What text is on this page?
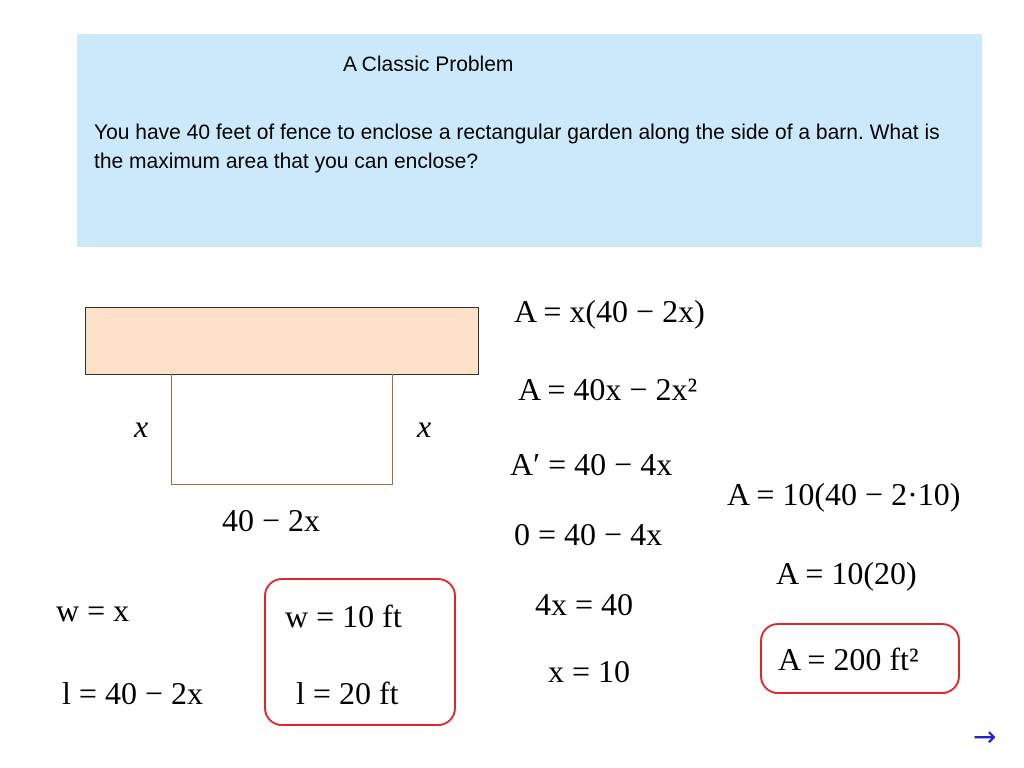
A Classic Problem
You have 40 feet of fence to enclose a rectangular garden along the side of a barn. What is the maximum area that you can enclose?
x	x
40 − 2x
A = x(40 − 2x)
A = 40x − 2x²
A′ = 40 − 4x
0 = 40 − 4x
4x = 40
x = 10
A = 10(40 − 2·10)
A = 10(20)
A = 200 ft²
w = x
l = 40 − 2x
w = 10 ft
l = 20 ft
→
